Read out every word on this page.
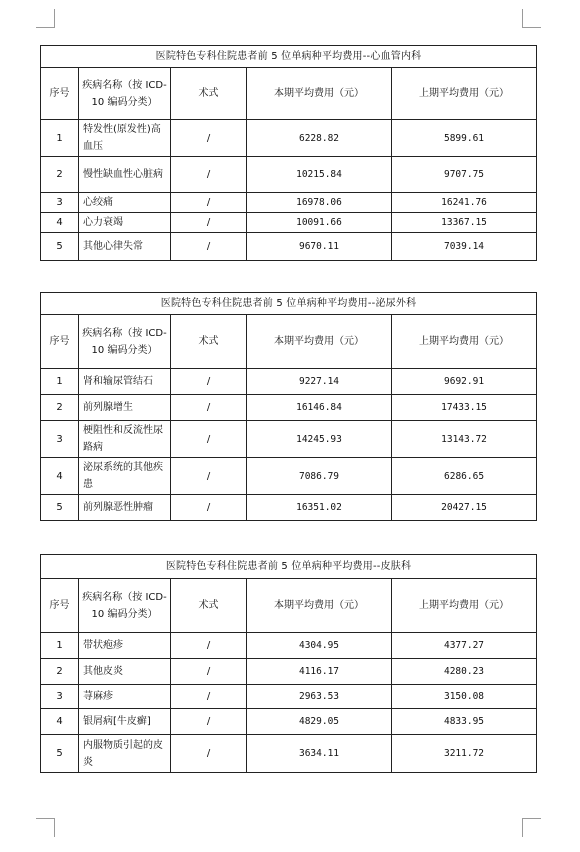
医院特色专科住院患者前 5 位单病种平均费用--心血管内科				
序号	疾病名称（按 ICD-10 编码分类）	术式	本期平均费用（元）	上期平均费用（元）
1	特发性(原发性)高血压	/	6228.82	5899.61
2	慢性缺血性心脏病	/	10215.84	9707.75
3	心绞痛	/	16978.06	16241.76
4	心力衰竭	/	10091.66	13367.15
5	其他心律失常	/	9670.11	7039.14
医院特色专科住院患者前 5 位单病种平均费用--泌尿外科				
序号	疾病名称（按 ICD-10 编码分类）	术式	本期平均费用（元）	上期平均费用（元）
1	肾和输尿管结石	/	9227.14	9692.91
2	前列腺增生	/	16146.84	17433.15
3	梗阻性和反流性尿路病	/	14245.93	13143.72
4	泌尿系统的其他疾患	/	7086.79	6286.65
5	前列腺恶性肿瘤	/	16351.02	20427.15
医院特色专科住院患者前 5 位单病种平均费用--皮肤科				
序号	疾病名称（按 ICD-10 编码分类）	术式	本期平均费用（元）	上期平均费用（元）
1	带状疱疹	/	4304.95	4377.27
2	其他皮炎	/	4116.17	4280.23
3	荨麻疹	/	2963.53	3150.08
4	银屑病[牛皮癣]	/	4829.05	4833.95
5	内服物质引起的皮炎	/	3634.11	3211.72
